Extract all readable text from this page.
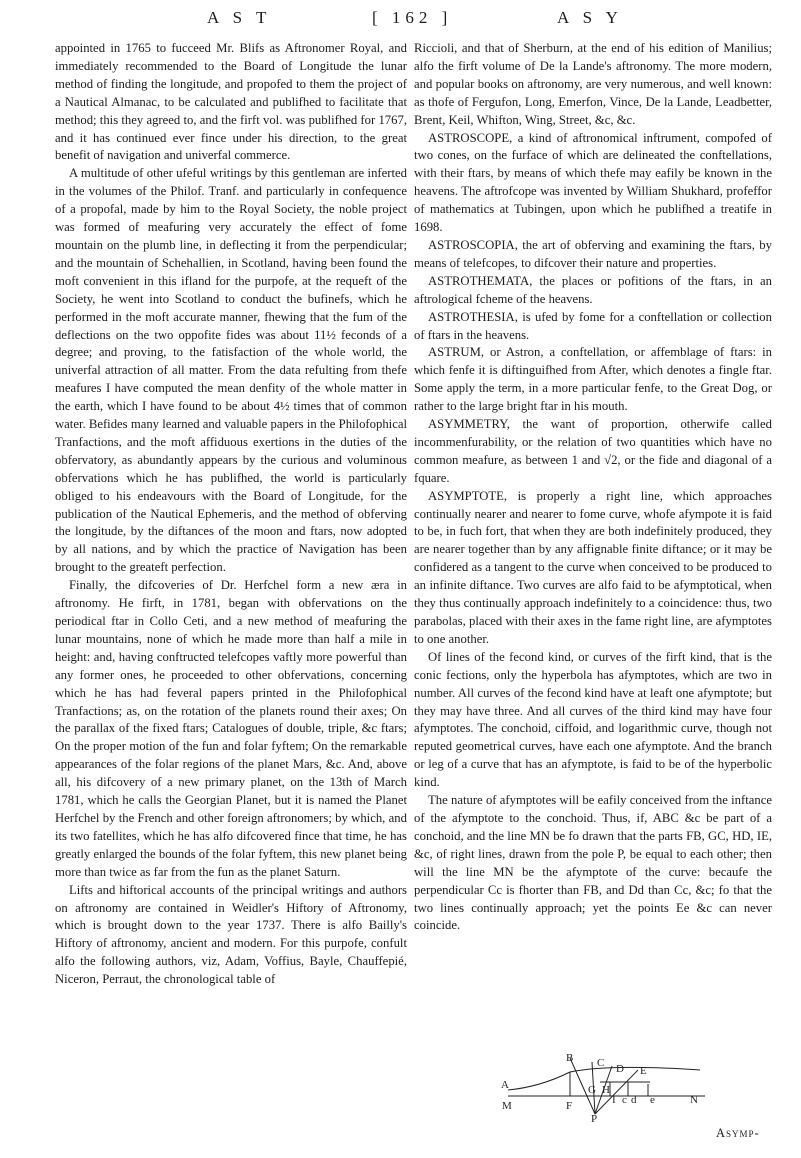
A S T	[ 162 ]	A S Y

appointed in 1765 to fucceed Mr. Blifs as Aftronomer Royal, and immediately recommended to the Board of Longitude the lunar method of finding the longitude, and propofed to them the project of a Nautical Almanac, to be calculated and publifhed to facilitate that method; this they agreed to, and the firft vol. was publifhed for 1767, and it has continued ever fince under his direction, to the great benefit of navigation and univerfal commerce.

A multitude of other ufeful writings by this gentleman are inferted in the volumes of the Philof. Tranf. and particularly in confequence of a propofal, made by him to the Royal Society, the noble project was formed of meafuring very accurately the effect of fome mountain on the plumb line, in deflecting it from the perpendicular; and the mountain of Schehallien, in Scotland, having been found the moft convenient in this ifland for the purpofe, at the requeft of the Society, he went into Scotland to conduct the bufinefs, which he performed in the moft accurate manner, fhewing that the fum of the deflections on the two oppofite fides was about 11½ feconds of a degree; and proving, to the fatisfaction of the whole world, the univerfal attraction of all matter. From the data refulting from thefe meafures I have computed the mean denfity of the whole matter in the earth, which I have found to be about 4½ times that of common water. Befides many learned and valuable papers in the Philofophical Tranfactions, and the moft affiduous exertions in the duties of the obfervatory, as abundantly appears by the curious and voluminous obfervations which he has publifhed, the world is particularly obliged to his endeavours with the Board of Longitude, for the publication of the Nautical Ephemeris, and the method of obferving the longitude, by the diftances of the moon and ftars, now adopted by all nations, and by which the practice of Navigation has been brought to the greateft perfection.

Finally, the difcoveries of Dr. Herfchel form a new æra in aftronomy. He firft, in 1781, began with obfervations on the periodical ftar in Collo Ceti, and a new method of meafuring the lunar mountains, none of which he made more than half a mile in height: and, having conftructed telefcopes vaftly more powerful than any former ones, he proceeded to other obfervations, concerning which he has had feveral papers printed in the Philofophical Tranfactions; as, on the rotation of the planets round their axes; On the parallax of the fixed ftars; Catalogues of double, triple, &c ftars; On the proper motion of the fun and folar fyftem; On the remarkable appearances of the folar regions of the planet Mars, &c. And, above all, his difcovery of a new primary planet, on the 13th of March 1781, which he calls the Georgian Planet, but it is named the Planet Herfchel by the French and other foreign aftronomers; by which, and its two fatellites, which he has alfo difcovered fince that time, he has greatly enlarged the bounds of the folar fyftem, this new planet being more than twice as far from the fun as the planet Saturn.

Lifts and hiftorical accounts of the principal writings and authors on aftronomy are contained in Weidler's Hiftory of Aftronomy, which is brought down to the year 1737. There is alfo Bailly's Hiftory of aftronomy, ancient and modern. For this purpofe, confult alfo the following authors, viz, Adam, Voffius, Bayle, Chauffepié, Niceron, Perraut, the chronological table of

Riccioli, and that of Sherburn, at the end of his edition of Manilius; alfo the firft volume of De la Lande's aftronomy. The more modern, and popular books on aftronomy, are very numerous, and well known: as thofe of Fergufon, Long, Emerfon, Vince, De la Lande, Leadbetter, Brent, Keil, Whifton, Wing, Street, &c, &c.

ASTROSCOPE, a kind of aftronomical inftrument, compofed of two cones, on the furface of which are delineated the conftellations, with their ftars, by means of which thefe may eafily be known in the heavens. The aftrofcope was invented by William Shukhard, profeffor of mathematics at Tubingen, upon which he publifhed a treatife in 1698.

ASTROSCOPIA, the art of obferving and examining the ftars, by means of telefcopes, to difcover their nature and properties.

ASTROTHEMATA, the places or pofitions of the ftars, in an aftrological fcheme of the heavens.

ASTROTHESIA, is ufed by fome for a conftellation or collection of ftars in the heavens.

ASTRUM, or Astron, a conftellation, or affemblage of ftars: in which fenfe it is diftinguifhed from After, which denotes a fingle ftar. Some apply the term, in a more particular fenfe, to the Great Dog, or rather to the large bright ftar in his mouth.

ASYMMETRY, the want of proportion, otherwife called incommenfurability, or the relation of two quantities which have no common meafure, as between 1 and √2, or the fide and diagonal of a fquare.

ASYMPTOTE, is properly a right line, which approaches continually nearer and nearer to fome curve, whofe afympote it is faid to be, in fuch fort, that when they are both indefinitely produced, they are nearer together than by any affignable finite diftance; or it may be confidered as a tangent to the curve when conceived to be produced to an infinite diftance. Two curves are alfo faid to be afymptotical, when they thus continually approach indefinitely to a coincidence: thus, two parabolas, placed with their axes in the fame right line, are afymptotes to one another.

Of lines of the fecond kind, or curves of the firft kind, that is the conic fections, only the hyperbola has afymptotes, which are two in number. All curves of the fecond kind have at leaft one afymptote; but they may have three. And all curves of the third kind may have four afymptotes. The conchoid, ciffoid, and logarithmic curve, though not reputed geometrical curves, have each one afymptote. And the branch or leg of a curve that has an afymptote, is faid to be of the hyperbolic kind.

The nature of afymptotes will be eafily conceived from the inftance of the afymptote to the conchoid. Thus, if, ABC &c be part of a conchoid, and the line MN be fo drawn that the parts FB, GC, HD, IE, &c, of right lines, drawn from the pole P, be equal to each other; then will the line MN be the afymptote of the curve: becaufe the perpendicular Cc is fhorter than FB, and Dd than Cc, &c; fo that the two lines continually approach; yet the points Ee &c can never coincide.

A
B C D E
M	F
G H
I c d e	N
P
Asymp-
